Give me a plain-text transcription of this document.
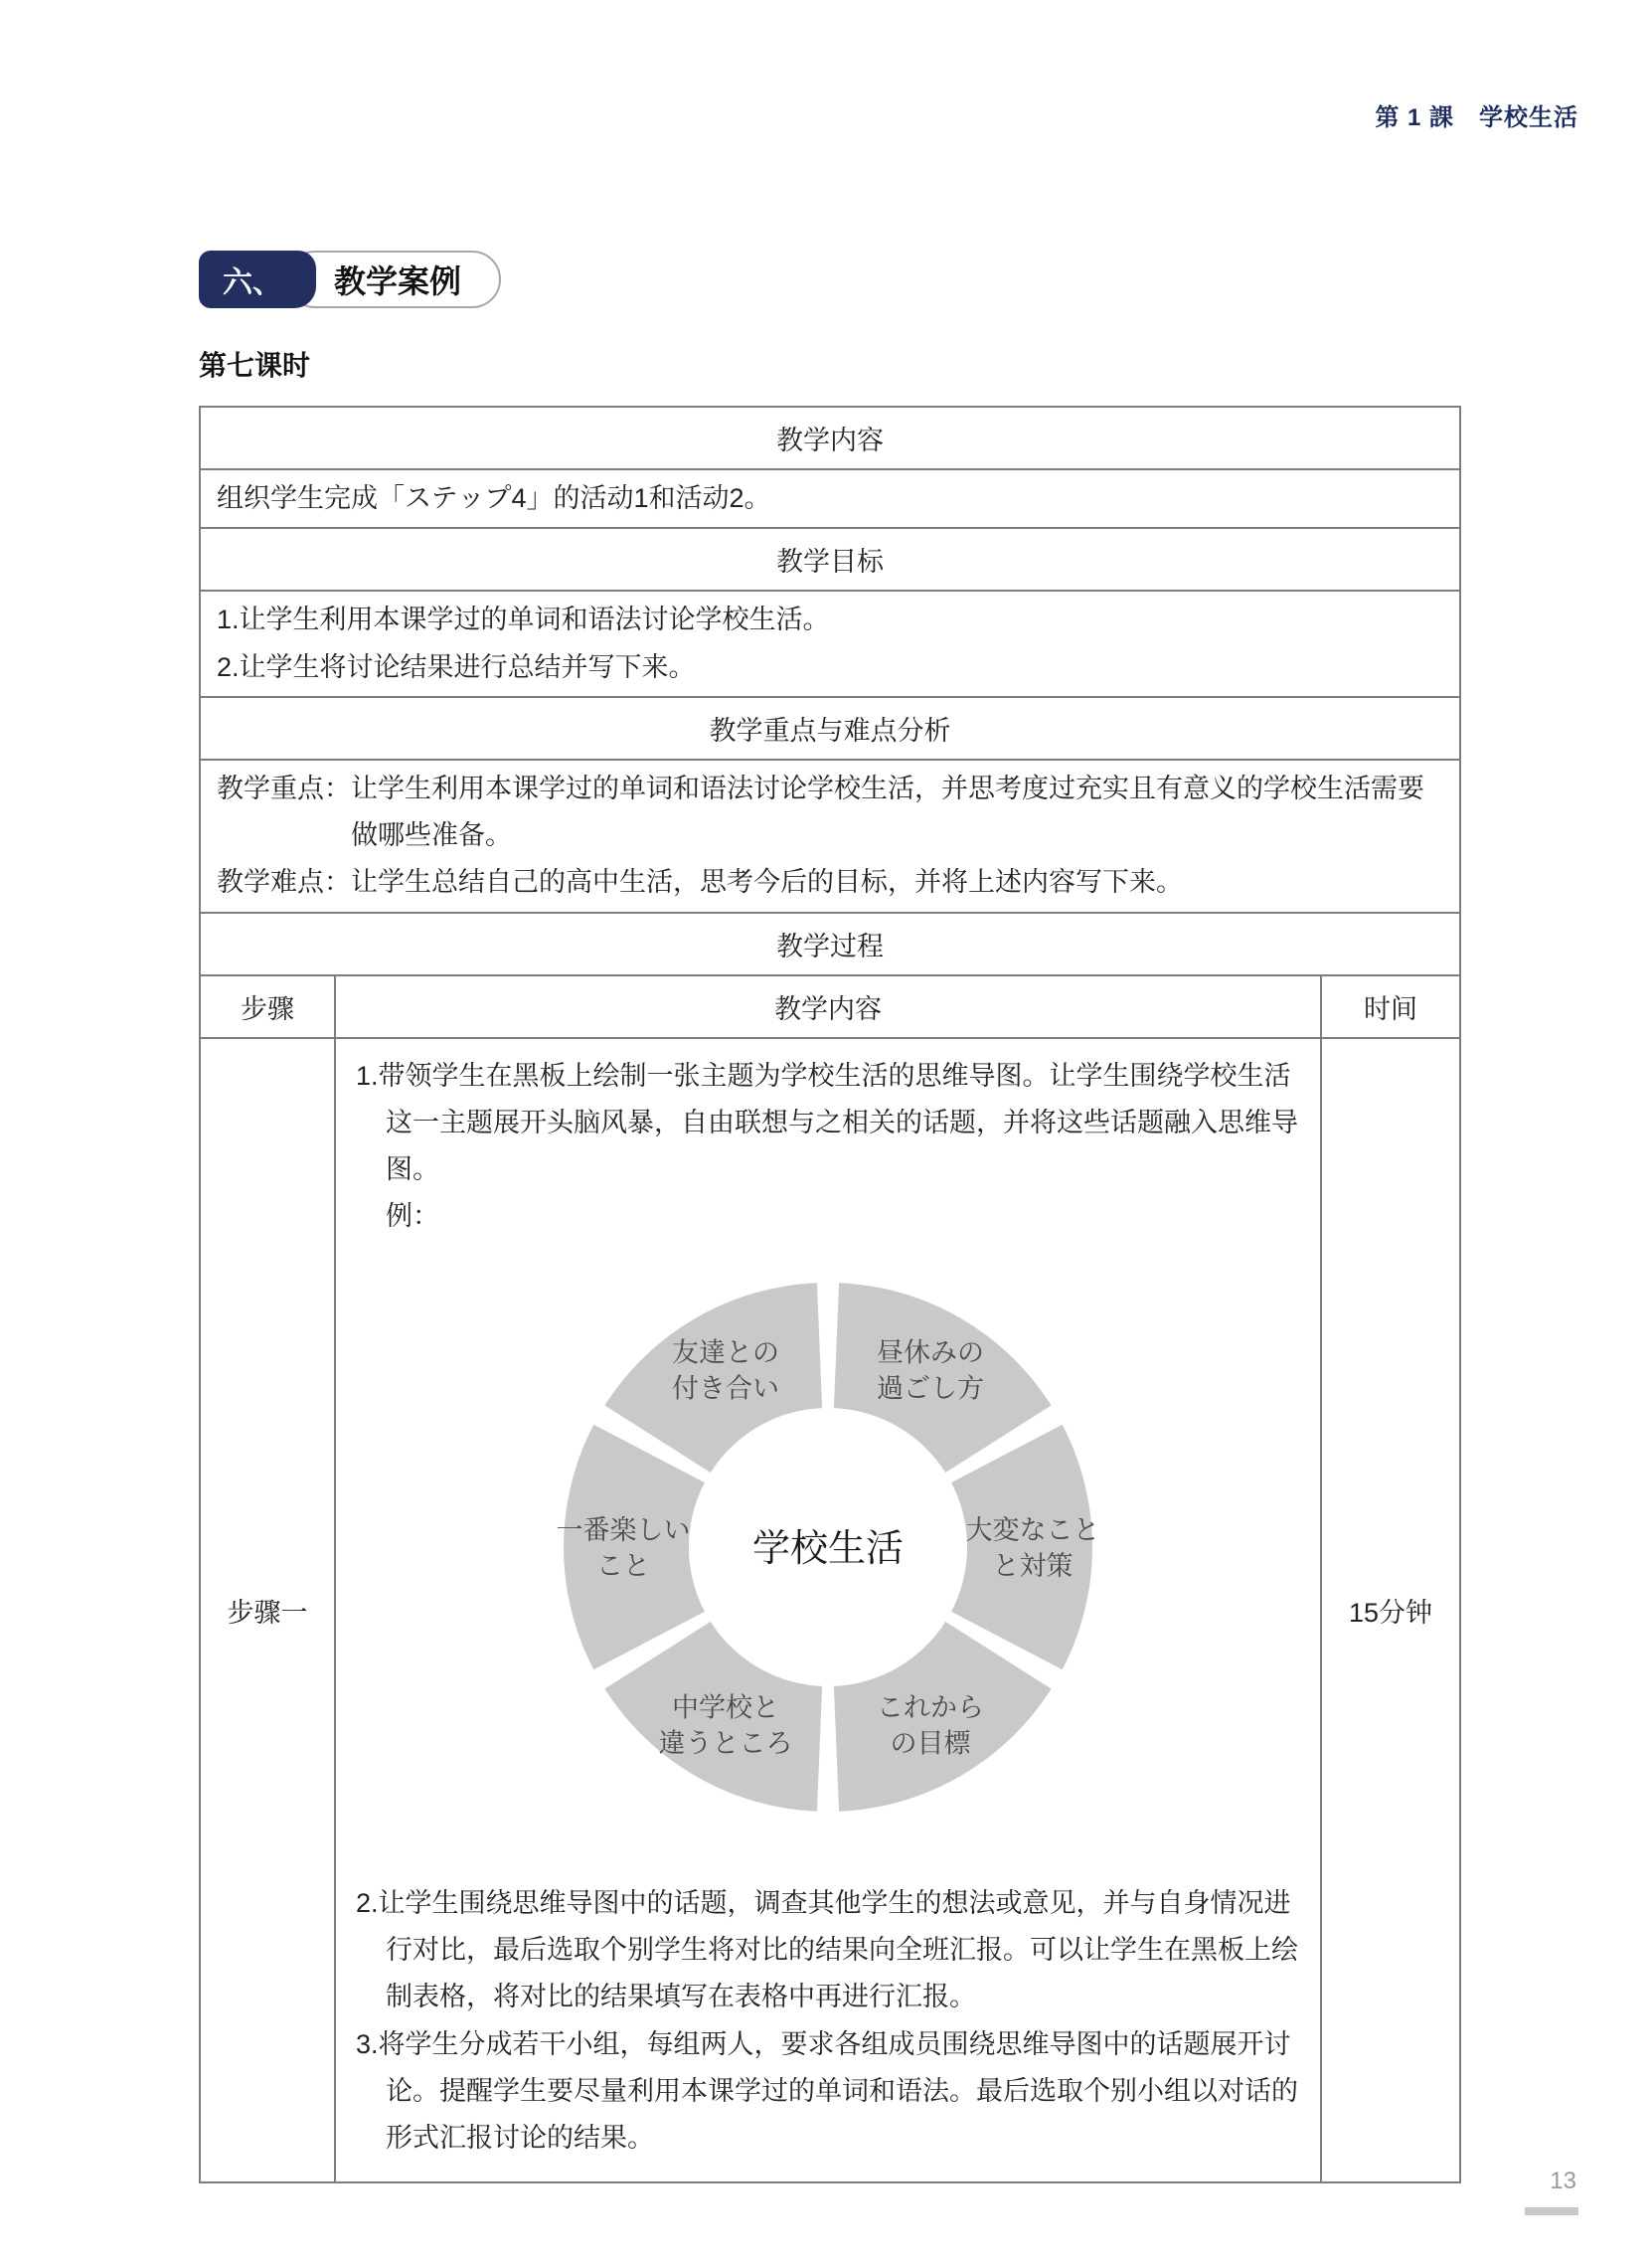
第 1 課　学校生活
六、	教学案例
第七课时
教学内容		
组织学生完成「ステップ4」的活动1和活动2。		
教学目标		

1.让学生利用本课学过的单词和语法讨论学校生活。
2.让学生将讨论结果进行总结并写下来。		

教学重点与难点分析		

教学重点： 让学生利用本课学过的单词和语法讨论学校生活，并思考度过充实且有意义的学校生活需要做哪些准备。
教学难点： 让学生总结自己的高中生活，思考今后的目标，并将上述内容写下来。		

教学过程		
步骤	教学内容	时间
步骤一	
1.带领学生在黑板上绘制一张主题为学校生活的思维导图。让学生围绕学校生活这一主题展开头脑风暴，自由联想与之相关的话题，并将这些话题融入思维导图。
例：
昼休みの過ごし方
大変なことと対策
これからの目標
中学校と違うところ
一番楽しいこと
友達との付き合い
学校生活
2.让学生围绕思维导图中的话题，调查其他学生的想法或意见，并与自身情况进行对比，最后选取个别学生将对比的结果向全班汇报。可以让学生在黑板上绘制表格，将对比的结果填写在表格中再进行汇报。
3.将学生分成若干小组，每组两人，要求各组成员围绕思维导图中的话题展开讨论。提醒学生要尽量利用本课学过的单词和语法。最后选取个别小组以对话的形式汇报讨论的结果。
	15分钟
13
